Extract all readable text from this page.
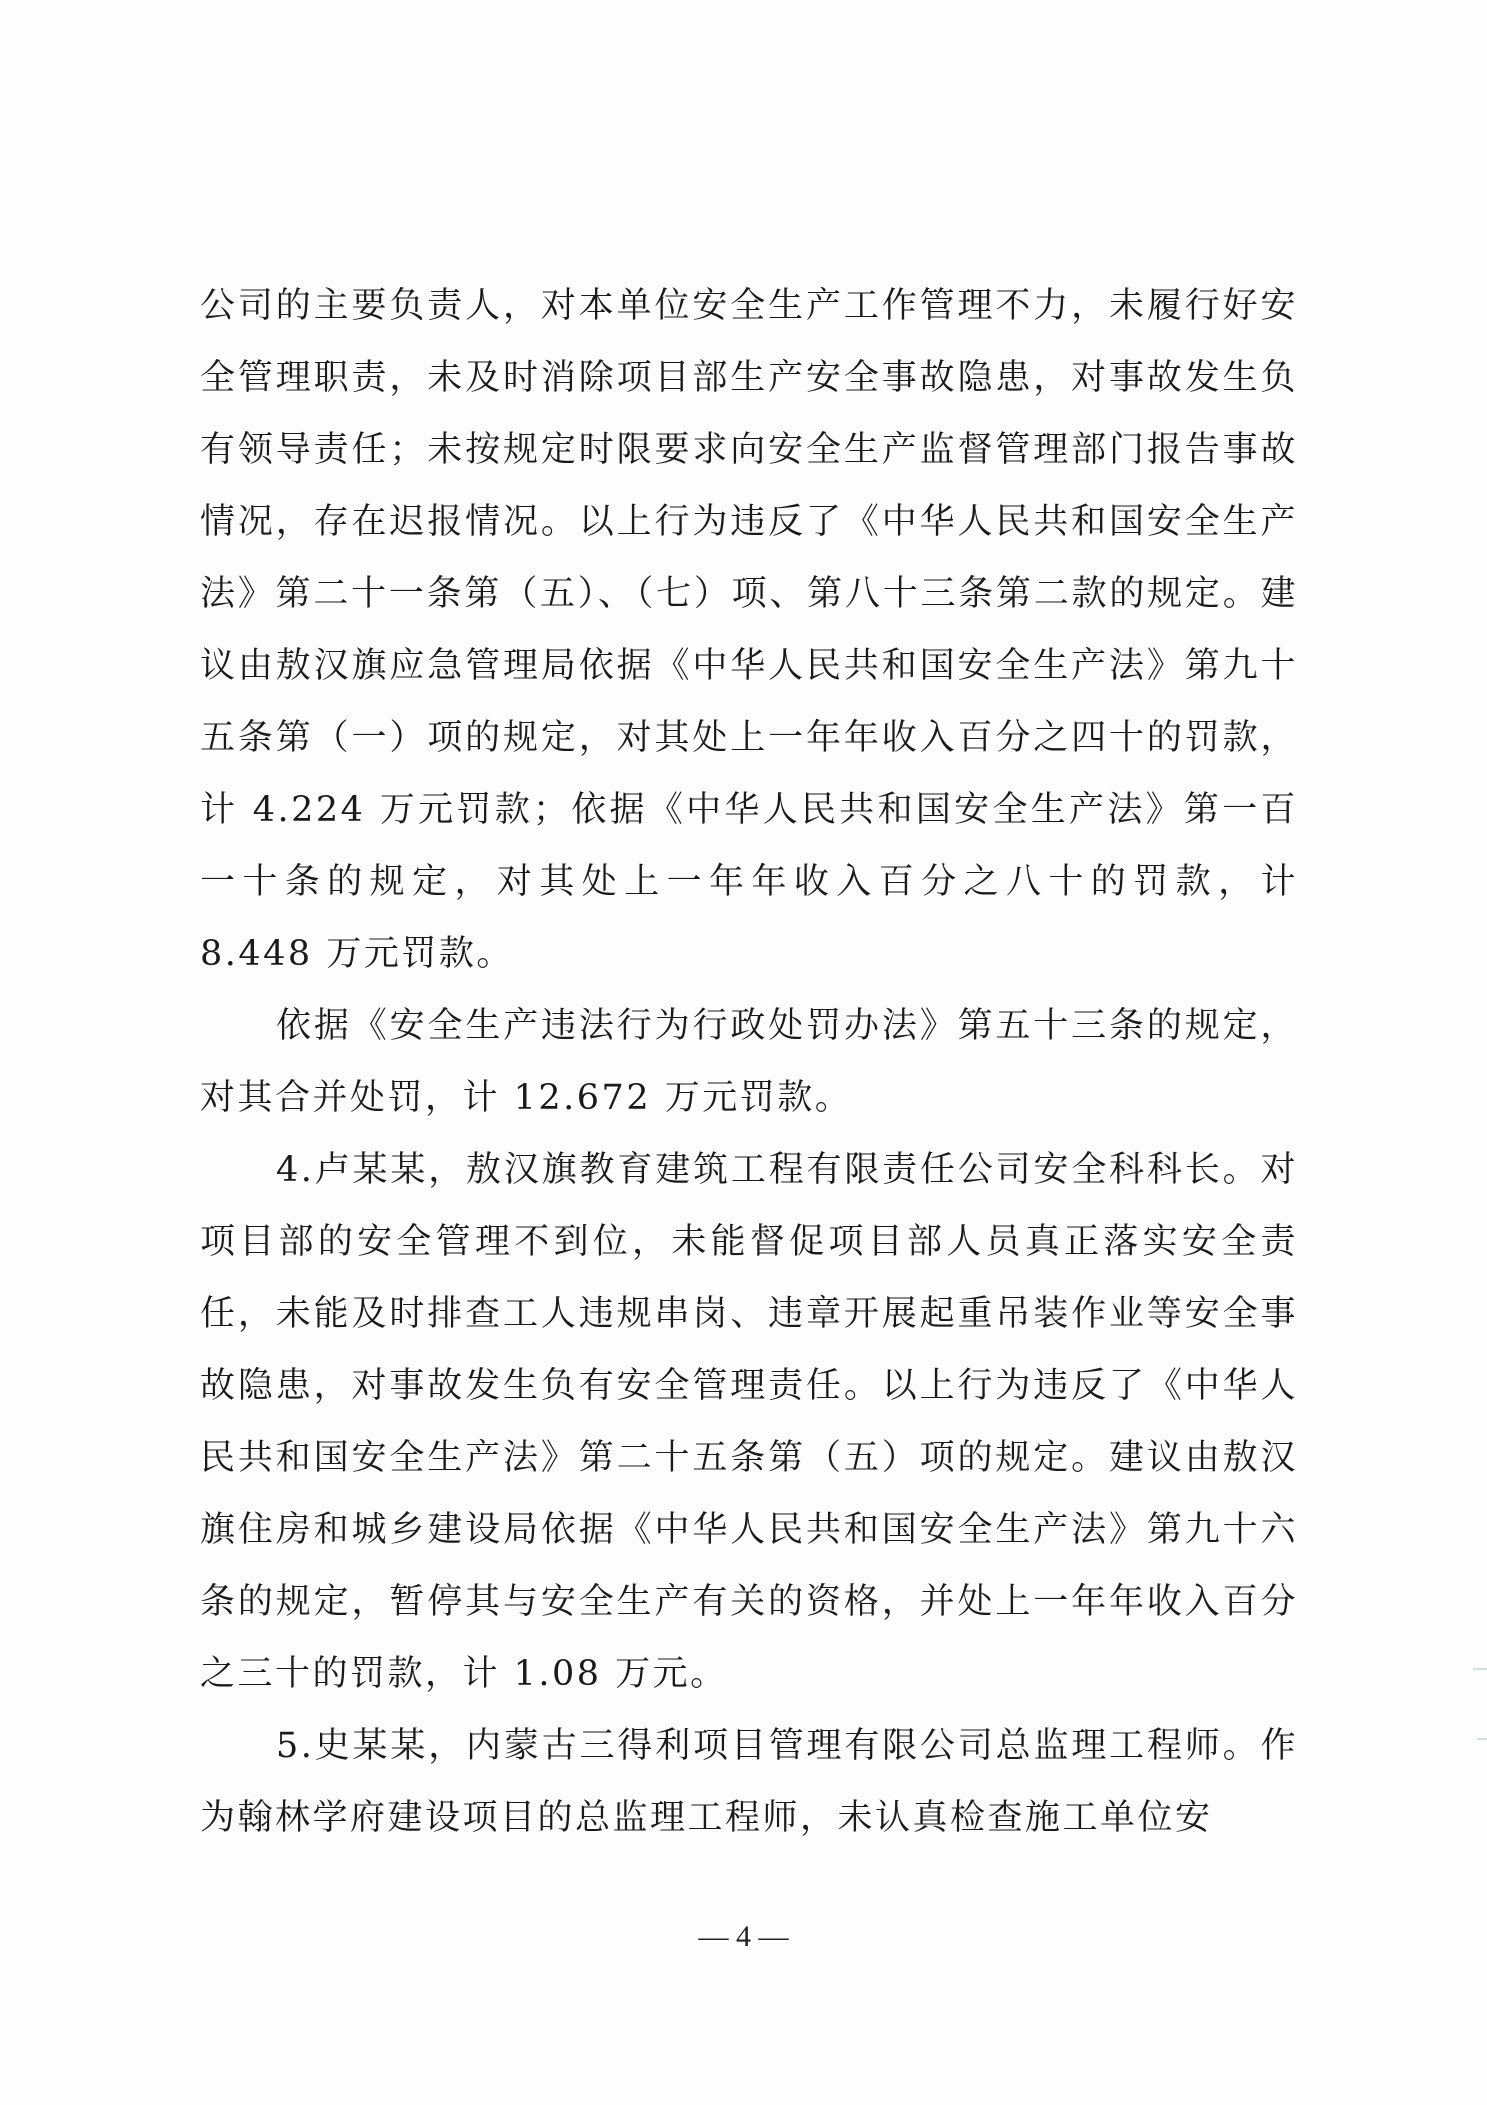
公司的主要负责人，对本单位安全生产工作管理不力，未履行好安全管理职责，未及时消除项目部生产安全事故隐患，对事故发生负有领导责任；未按规定时限要求向安全生产监督管理部门报告事故情况，存在迟报情况。以上行为违反了《中华人民共和国安全生产法》第二十一条第（五）、（七）项、第八十三条第二款的规定。建议由敖汉旗应急管理局依据《中华人民共和国安全生产法》第九十五条第（一）项的规定，对其处上一年年收入百分之四十的罚款，计 4.224 万元罚款；依据《中华人民共和国安全生产法》第一百一十条的规定，对其处上一年年收入百分之八十的罚款，计 8.448 万元罚款。

依据《安全生产违法行为行政处罚办法》第五十三条的规定，对其合并处罚，计 12.672 万元罚款。

4.卢某某，敖汉旗教育建筑工程有限责任公司安全科科长。对项目部的安全管理不到位，未能督促项目部人员真正落实安全责任，未能及时排查工人违规串岗、违章开展起重吊装作业等安全事故隐患，对事故发生负有安全管理责任。以上行为违反了《中华人民共和国安全生产法》第二十五条第（五）项的规定。建议由敖汉旗住房和城乡建设局依据《中华人民共和国安全生产法》第九十六条的规定，暂停其与安全生产有关的资格，并处上一年年收入百分之三十的罚款，计 1.08 万元。

5.史某某，内蒙古三得利项目管理有限公司总监理工程师。作为翰林学府建设项目的总监理工程师，未认真检查施工单位安

— 4 —
